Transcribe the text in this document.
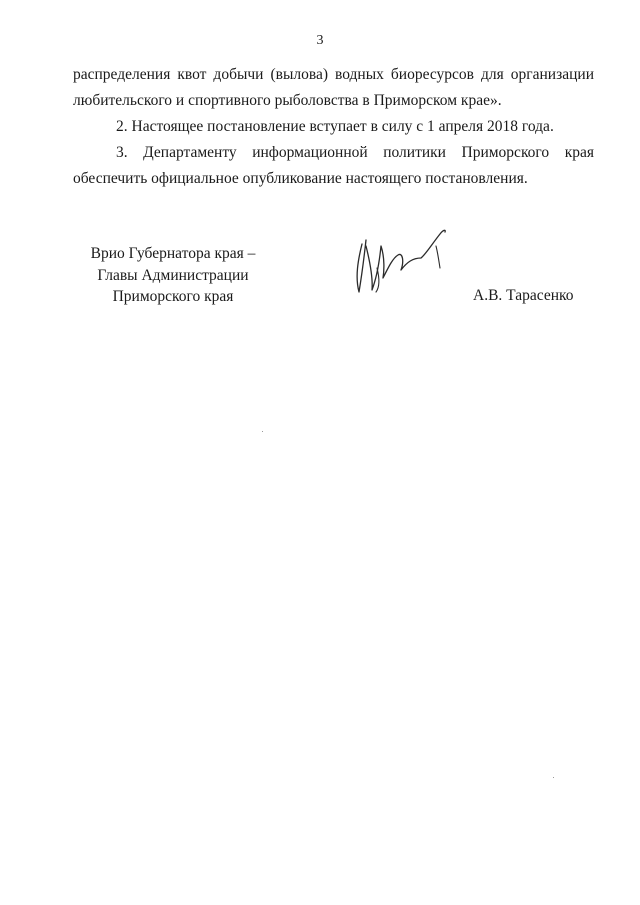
3
распределения квот добычи (вылова) водных биоресурсов для организации
любительского и спортивного рыболовства в Приморском крае».
2. Настоящее постановление вступает в силу с 1 апреля 2018 года.
3. Департаменту информационной политики Приморского края
обеспечить официальное опубликование настоящего постановления.
Врио Губернатора края –
Главы Администрации
Приморского края	А.В. Тарасенко
